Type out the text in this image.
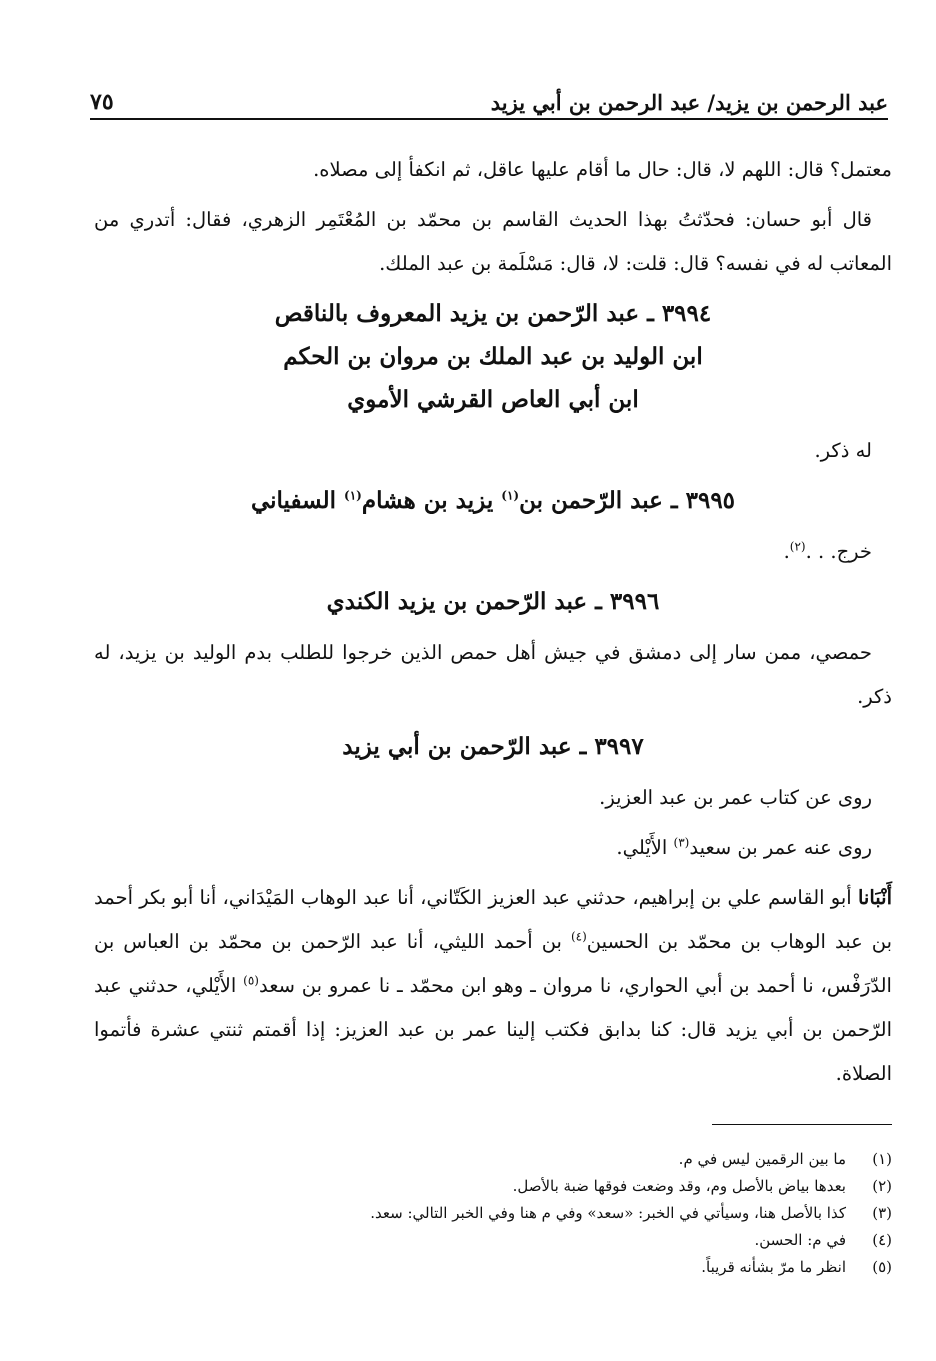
عبد الرحمن بن يزيد/ عبد الرحمن بن أبي يزيد
٧٥

معتمل؟ قال: اللهم لا، قال: حال ما أقام عليها عاقل، ثم انكفأ إلى مصلاه.

قال أبو حسان: فحدّثتُ بهذا الحديث القاسم بن محمّد بن المُعْتَمِر الزهري، فقال: أتدري من المعاتب له في نفسه؟ قال: قلت: لا، قال: مَسْلَمة بن عبد الملك.

٣٩٩٤ ـ عبد الرّحمن بن يزيد المعروف بالناقص
ابن الوليد بن عبد الملك بن مروان بن الحكم
ابن أبي العاص القرشي الأموي

له ذكر.

٣٩٩٥ ـ عبد الرّحمن بن$^{(١)}$ يزيد بن هشام$^{(١)}$ السفياني

خرج. . .$^{(٢)}$.

٣٩٩٦ ـ عبد الرّحمن بن يزيد الكندي

حمصي، ممن سار إلى دمشق في جيش أهل حمص الذين خرجوا للطلب بدم الوليد بن يزيد، له ذكر.

٣٩٩٧ ـ عبد الرّحمن بن أبي يزيد

روى عن كتاب عمر بن عبد العزيز.

روى عنه عمر بن سعيد$^{(٣)}$ الأَيْلي.

أَنْبَانا أبو القاسم علي بن إبراهيم، حدثني عبد العزيز الكَتّاني، أنا عبد الوهاب المَيْدَاني، أنا أبو بكر أحمد بن عبد الوهاب بن محمّد بن الحسين$^{(٤)}$ بن أحمد الليثي، أنا عبد الرّحمن بن محمّد بن العباس بن الدّرَفْس، نا أحمد بن أبي الحواري، نا مروان ـ وهو ابن محمّد ـ نا عمرو بن سعد$^{(٥)}$ الأَيْلي، حدثني عبد الرّحمن بن أبي يزيد قال: كنا بدابق فكتب إلينا عمر بن عبد العزيز: إذا أقمتم ثنتي عشرة فأتموا الصلاة.

(١)
ما بين الرقمين ليس في م.
(٢)
بعدها بياض بالأصل وم، وقد وضعت فوقها ضبة بالأصل.
(٣)
كذا بالأصل هنا، وسيأتي في الخبر: «سعد» وفي م هنا وفي الخبر التالي: سعد.
(٤)
في م: الحسن.
(٥)
انظر ما مرّ بشأنه قريباً.
